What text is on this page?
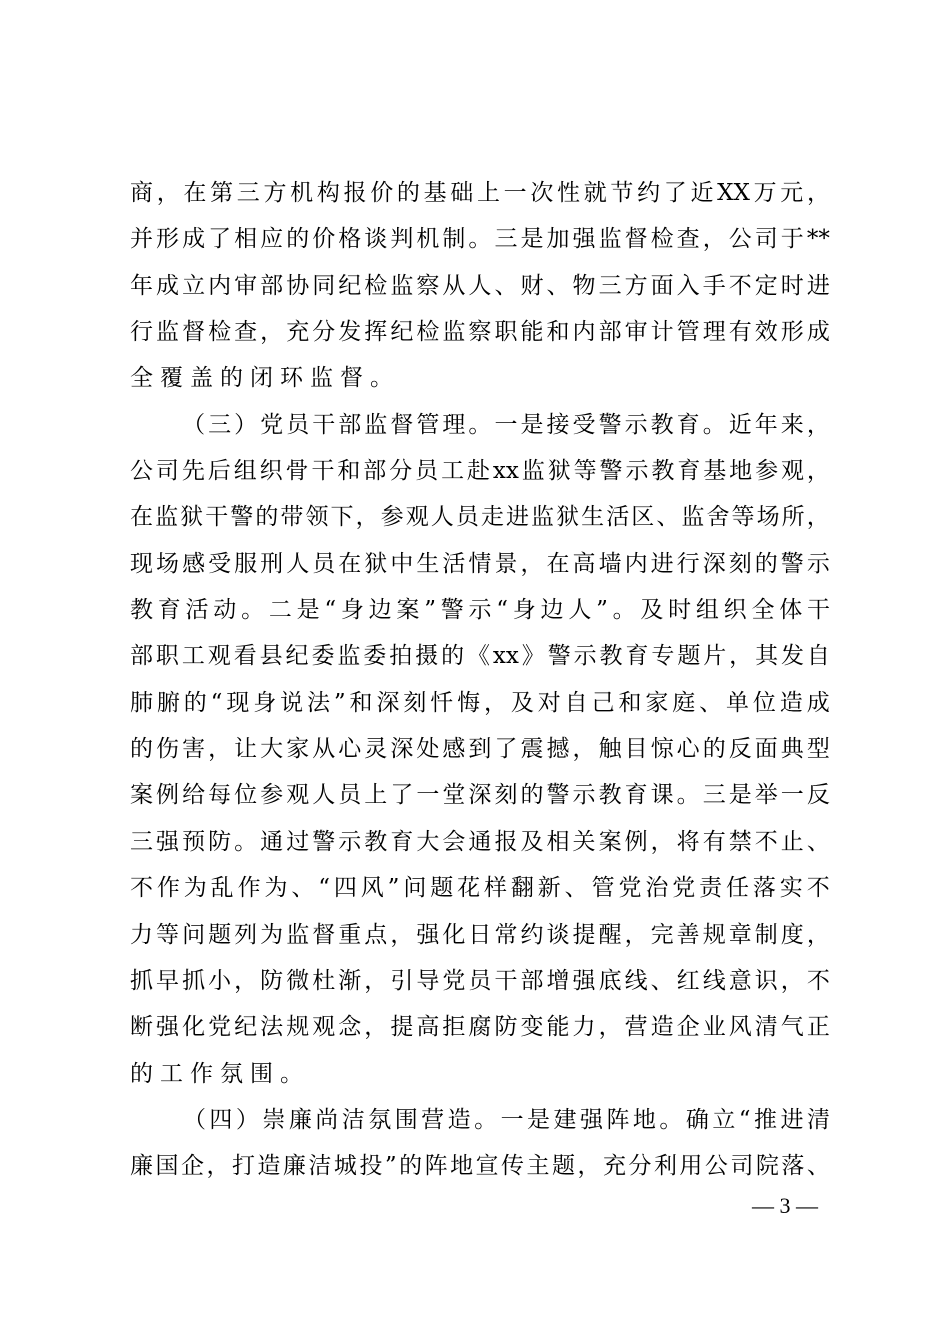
商 ， 在 第 三 方 机 构 报 价 的 基 础 上 一 次 性 就 节 约 了 近 XX 万 元 ，
并 形 成 了 相 应 的 价 格 谈 判 机 制 。 三 是 加 强 监 督 检 查 ， 公 司 于 **
年 成 立 内 审 部 协 同 纪 检 监 察 从 人 、 财 、 物 三 方 面 入 手 不 定 时 进
行 监 督 检 查 ， 充 分 发 挥 纪 检 监 察 职 能 和 内 部 审 计 管 理 有 效 形 成
全 覆 盖 的 闭 环 监 督 。

（ 三 ） 党 员 干 部 监 督 管 理 。 一 是 接 受 警 示 教 育 。 近 年 来 ，
公 司 先 后 组 织 骨 干 和 部 分 员 工 赴 xx 监 狱 等 警 示 教 育 基 地 参 观 ，
在 监 狱 干 警 的 带 领 下 ， 参 观 人 员 走 进 监 狱 生 活 区 、 监 舍 等 场 所 ，
现 场 感 受 服 刑 人 员 在 狱 中 生 活 情 景 ， 在 高 墙 内 进 行 深 刻 的 警 示
教 育 活 动 。 二 是 “ 身 边 案 ” 警 示 “ 身 边 人 ” 。 及 时 组 织 全 体 干
部 职 工 观 看 县 纪 委 监 委 拍 摄 的 《 xx 》 警 示 教 育 专 题 片 ， 其 发 自
肺 腑 的 “ 现 身 说 法 ” 和 深 刻 忏 悔 ， 及 对 自 己 和 家 庭 、 单 位 造 成
的 伤 害 ， 让 大 家 从 心 灵 深 处 感 到 了 震 撼 ， 触 目 惊 心 的 反 面 典 型
案 例 给 每 位 参 观 人 员 上 了 一 堂 深 刻 的 警 示 教 育 课 。 三 是 举 一 反
三 强 预 防 。 通 过 警 示 教 育 大 会 通 报 及 相 关 案 例 ， 将 有 禁 不 止 、
不 作 为 乱 作 为 、 “ 四 风 ” 问 题 花 样 翻 新 、 管 党 治 党 责 任 落 实 不
力 等 问 题 列 为 监 督 重 点 ， 强 化 日 常 约 谈 提 醒 ， 完 善 规 章 制 度 ，
抓 早 抓 小 ， 防 微 杜 渐 ， 引 导 党 员 干 部 增 强 底 线 、 红 线 意 识 ， 不
断 强 化 党 纪 法 规 观 念 ， 提 高 拒 腐 防 变 能 力 ， 营 造 企 业 风 清 气 正
的 工 作 氛 围 。

（ 四 ） 崇 廉 尚 洁 氛 围 营 造 。 一 是 建 强 阵 地 。 确 立 “ 推 进 清
廉 国 企 ， 打 造 廉 洁 城 投 ” 的 阵 地 宣 传 主 题 ， 充 分 利 用 公 司 院 落 、
— 3 —
